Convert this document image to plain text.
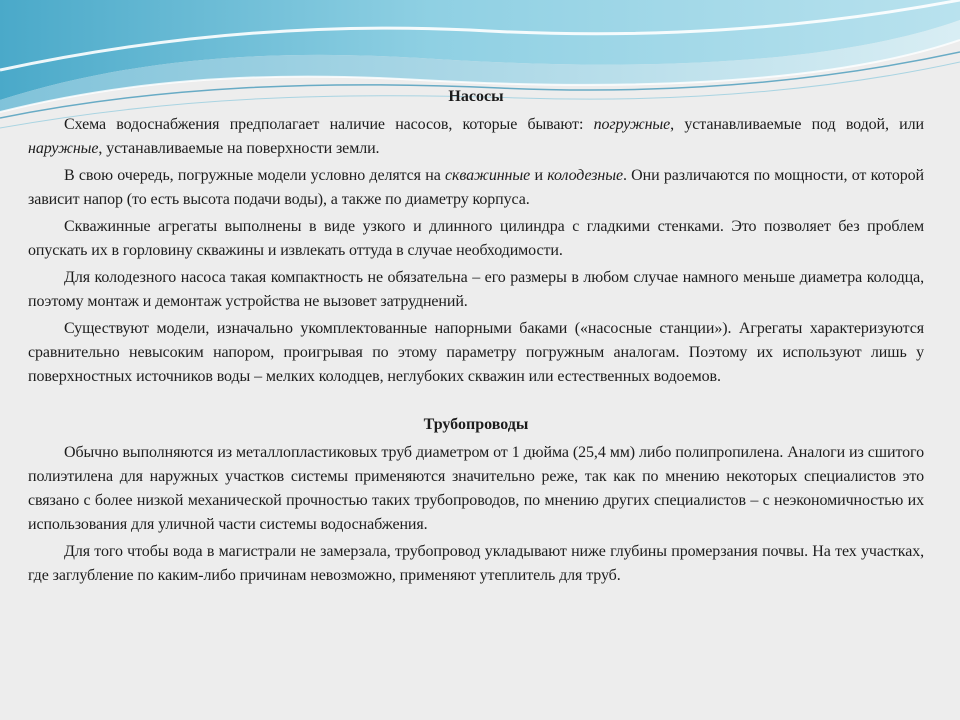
Насосы

Схема водоснабжения предполагает наличие насосов, которые бывают: погружные, устанавливаемые под водой, или наружные, устанавливаемые на поверхности земли.

В свою очередь, погружные модели условно делятся на скважинные и колодезные. Они различаются по мощности, от которой зависит напор (то есть высота подачи воды), а также по диаметру корпуса.

Скважинные агрегаты выполнены в виде узкого и длинного цилиндра с гладкими стенками. Это позволяет без проблем опускать их в горловину скважины и извлекать оттуда в случае необходимости.

Для колодезного насоса такая компактность не обязательна – его размеры в любом случае намного меньше диаметра колодца, поэтому монтаж и демонтаж устройства не вызовет затруднений.

Существуют модели, изначально укомплектованные напорными баками («насосные станции»). Агрегаты характеризуются сравнительно невысоким напором, проигрывая по этому параметру погружным аналогам. Поэтому их используют лишь у поверхностных источников воды – мелких колодцев, неглубоких скважин или естественных водоемов.

Трубопроводы

Обычно выполняются из металлопластиковых труб диаметром от 1 дюйма (25,4 мм) либо полипропилена. Аналоги из сшитого полиэтилена для наружных участков системы применяются значительно реже, так как по мнению некоторых специалистов это связано с более низкой механической прочностью таких трубопроводов, по мнению других специалистов – с неэкономичностью их использования для уличной части системы водоснабжения.

Для того чтобы вода в магистрали не замерзала, трубопровод укладывают ниже глубины промерзания почвы. На тех участках, где заглубление по каким-либо причинам невозможно, применяют утеплитель для труб.
